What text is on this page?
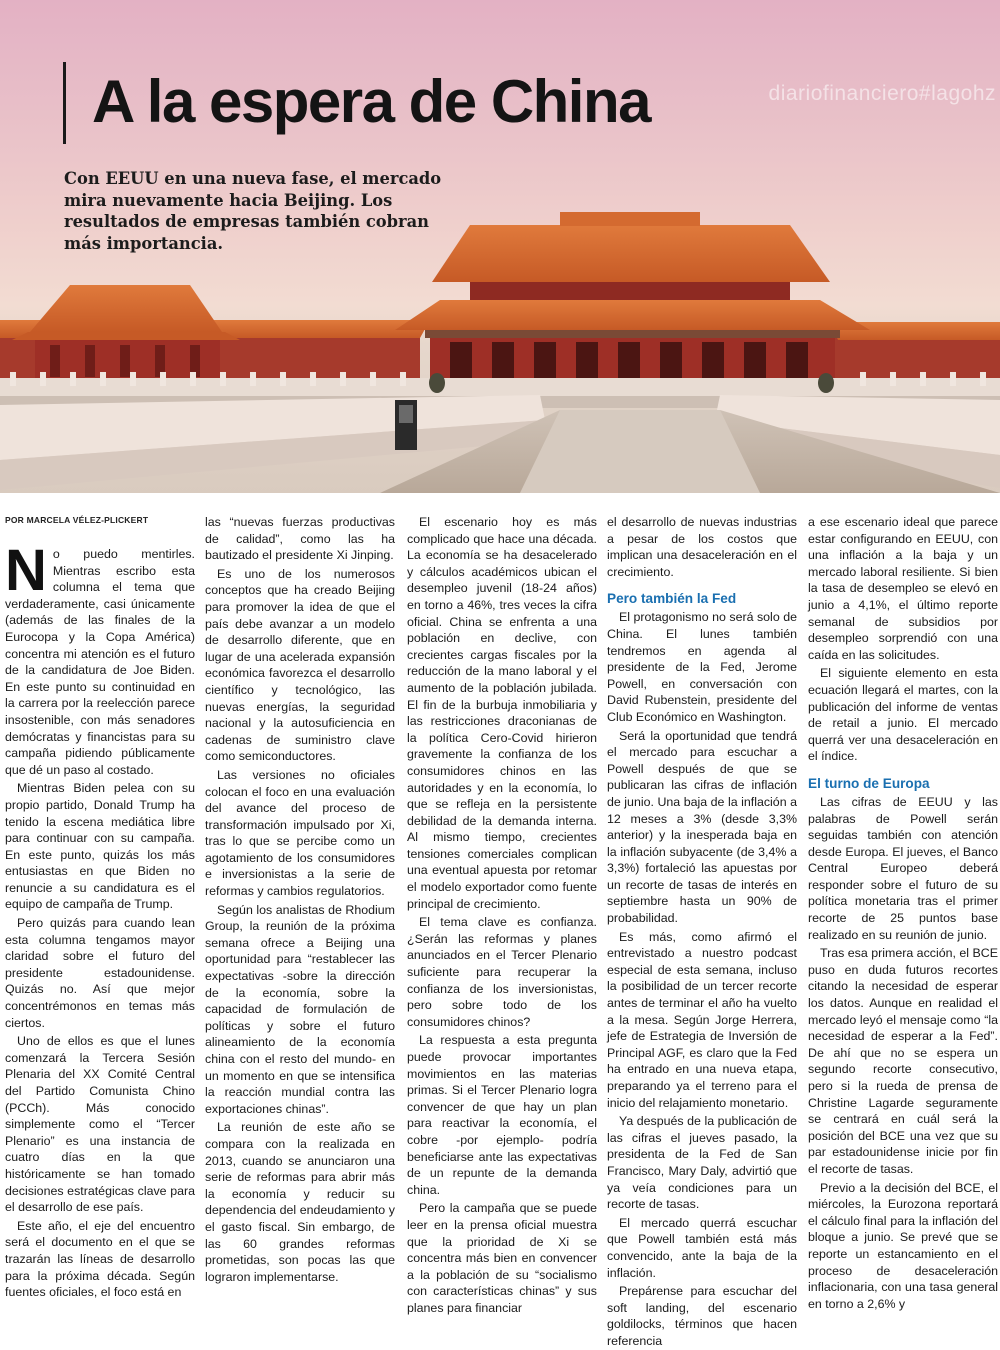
A la espera de China	diariofinanciero#lagohz

Con EEUU en una nueva fase, el mercado mira nuevamente hacia Beijing. Los resultados de empresas también cobran más importancia.

POR MARCELA VÉLEZ-PLICKERT
N o puedo mentirles. Mientras escribo esta columna el tema que verdaderamente, casi únicamente (además de las finales de la Eurocopa y la Copa América) concentra mi atención es el futuro de la candidatura de Joe Biden. En este punto su continuidad en la carrera por la reelección parece insostenible, con más senadores demócratas y financistas para su campaña pidiendo públicamente que dé un paso al costado.

Mientras Biden pelea con su propio partido, Donald Trump ha tenido la escena mediática libre para continuar con su campaña. En este punto, quizás los más entusiastas en que Biden no renuncie a su candidatura es el equipo de campaña de Trump.

Pero quizás para cuando lean esta columna tengamos mayor claridad sobre el futuro del presidente estadounidense. Quizás no. Así que mejor concentrémonos en temas más ciertos.

Uno de ellos es que el lunes comenzará la Tercera Sesión Plenaria del XX Comité Central del Partido Comunista Chino (PCCh). Más conocido simplemente como el “Tercer Plenario” es una instancia de cuatro días en la que históricamente se han tomado decisiones estratégicas clave para el desarrollo de ese país.

Este año, el eje del encuentro será el documento en el que se trazarán las líneas de desarrollo para la próxima década. Según fuentes oficiales, el foco está en

las “nuevas fuerzas productivas de calidad”, como las ha bautizado el presidente Xi Jinping.

Es uno de los numerosos conceptos que ha creado Beijing para promover la idea de que el país debe avanzar a un modelo de desarrollo diferente, que en lugar de una acelerada expansión económica favorezca el desarrollo científico y tecnológico, las nuevas energías, la seguridad nacional y la autosuficiencia en cadenas de suministro clave como semiconductores.

Las versiones no oficiales colocan el foco en una evaluación del avance del proceso de transformación impulsado por Xi, tras lo que se percibe como un agotamiento de los consumidores e inversionistas a la serie de reformas y cambios regulatorios.

Según los analistas de Rhodium Group, la reunión de la próxima semana ofrece a Beijing una oportunidad para “restablecer las expectativas -sobre la dirección de la economía, sobre la capacidad de formulación de políticas y sobre el futuro alineamiento de la economía china con el resto del mundo- en un momento en que se intensifica la reacción mundial contra las exportaciones chinas”.

La reunión de este año se compara con la realizada en 2013, cuando se anunciaron una serie de reformas para abrir más la economía y reducir su dependencia del endeudamiento y el gasto fiscal. Sin embargo, de las 60 grandes reformas prometidas, son pocas las que lograron implementarse.

El escenario hoy es más complicado que hace una década. La economía se ha desacelerado y cálculos académicos ubican el desempleo juvenil (18-24 años) en torno a 46%, tres veces la cifra oficial. China se enfrenta a una población en declive, con crecientes cargas fiscales por la reducción de la mano laboral y el aumento de la población jubilada. El fin de la burbuja inmobiliaria y las restricciones draconianas de la política Cero-Covid hirieron gravemente la confianza de los consumidores chinos en las autoridades y en la economía, lo que se refleja en la persistente debilidad de la demanda interna. Al mismo tiempo, crecientes tensiones comerciales complican una eventual apuesta por retomar el modelo exportador como fuente principal de crecimiento.

El tema clave es confianza. ¿Serán las reformas y planes anunciados en el Tercer Plenario suficiente para recuperar la confianza de los inversionistas, pero sobre todo de los consumidores chinos?

La respuesta a esta pregunta puede provocar importantes movimientos en las materias primas. Si el Tercer Plenario logra convencer de que hay un plan para reactivar la economía, el cobre -por ejemplo- podría beneficiarse ante las expectativas de un repunte de la demanda china.

Pero la campaña que se puede leer en la prensa oficial muestra que la prioridad de Xi se concentra más bien en convencer a la población de su “socialismo con características chinas” y sus planes para financiar

el desarrollo de nuevas industrias a pesar de los costos que implican una desaceleración en el crecimiento.

Pero también la Fed

El protagonismo no será solo de China. El lunes también tendremos en agenda al presidente de la Fed, Jerome Powell, en conversación con David Rubenstein, presidente del Club Económico en Washington.

Será la oportunidad que tendrá el mercado para escuchar a Powell después de que se publicaran las cifras de inflación de junio. Una baja de la inflación a 12 meses a 3% (desde 3,3% anterior) y la inesperada baja en la inflación subyacente (de 3,4% a 3,3%) fortaleció las apuestas por un recorte de tasas de interés en septiembre hasta un 90% de probabilidad.

Es más, como afirmó el entrevistado a nuestro podcast especial de esta semana, incluso la posibilidad de un tercer recorte antes de terminar el año ha vuelto a la mesa. Según Jorge Herrera, jefe de Estrategia de Inversión de Principal AGF, es claro que la Fed ha entrado en una nueva etapa, preparando ya el terreno para el inicio del relajamiento monetario.

Ya después de la publicación de las cifras el jueves pasado, la presidenta de la Fed de San Francisco, Mary Daly, advirtió que ya veía condiciones para un recorte de tasas.

El mercado querrá escuchar que Powell también está más convencido, ante la baja de la inflación.

Prepárense para escuchar del soft landing, del escenario goldilocks, términos que hacen referencia

a ese escenario ideal que parece estar configurando en EEUU, con una inflación a la baja y un mercado laboral resiliente. Si bien la tasa de desempleo se elevó en junio a 4,1%, el último reporte semanal de subsidios por desempleo sorprendió con una caída en las solicitudes.

El siguiente elemento en esta ecuación llegará el martes, con la publicación del informe de ventas de retail a junio. El mercado querrá ver una desaceleración en el índice.

El turno de Europa

Las cifras de EEUU y las palabras de Powell serán seguidas también con atención desde Europa. El jueves, el Banco Central Europeo deberá responder sobre el futuro de su política monetaria tras el primer recorte de 25 puntos base realizado en su reunión de junio.

Tras esa primera acción, el BCE puso en duda futuros recortes citando la necesidad de esperar los datos. Aunque en realidad el mercado leyó el mensaje como “la necesidad de esperar a la Fed”. De ahí que no se espera un segundo recorte consecutivo, pero si la rueda de prensa de Christine Lagarde seguramente se centrará en cuál será la posición del BCE una vez que su par estadounidense inicie por fin el recorte de tasas.

Previo a la decisión del BCE, el miércoles, la Eurozona reportará el cálculo final para la inflación del bloque a junio. Se prevé que se reporte un estancamiento en el proceso de desaceleración inflacionaria, con una tasa general en torno a 2,6% y
